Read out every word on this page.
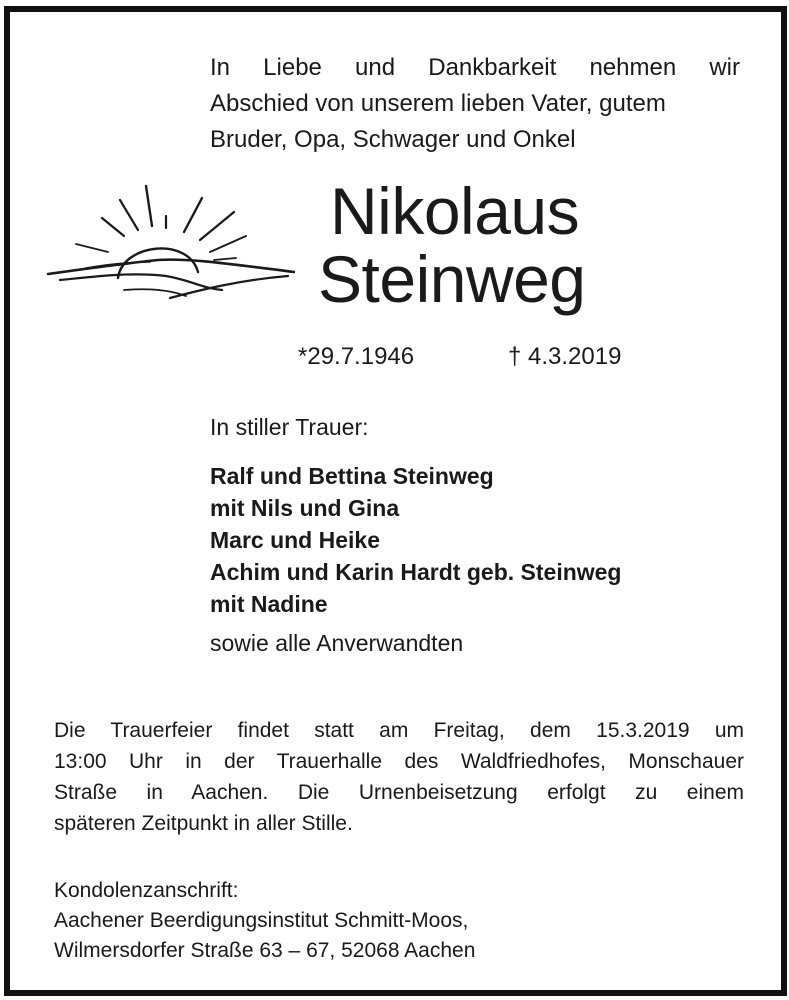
In Liebe und Dankbarkeit nehmen wir
Abschied von unserem lieben Vater, gutem
Bruder, Opa, Schwager und Onkel
Nikolaus
Steinweg
*29.7.1946	† 4.3.2019
In stiller Trauer:
Ralf und Bettina Steinweg
mit Nils und Gina
Marc und Heike
Achim und Karin Hardt geb. Steinweg
mit Nadine
sowie alle Anverwandten
Die Trauerfeier findet statt am Freitag, dem 15.3.2019 um
13:00 Uhr in der Trauerhalle des Waldfriedhofes, Monschauer
Straße in Aachen. Die Urnenbeisetzung erfolgt zu einem
späteren Zeitpunkt in aller Stille.
Kondolenzanschrift:
Aachener Beerdigungsinstitut Schmitt-Moos,
Wilmersdorfer Straße 63 – 67, 52068 Aachen
